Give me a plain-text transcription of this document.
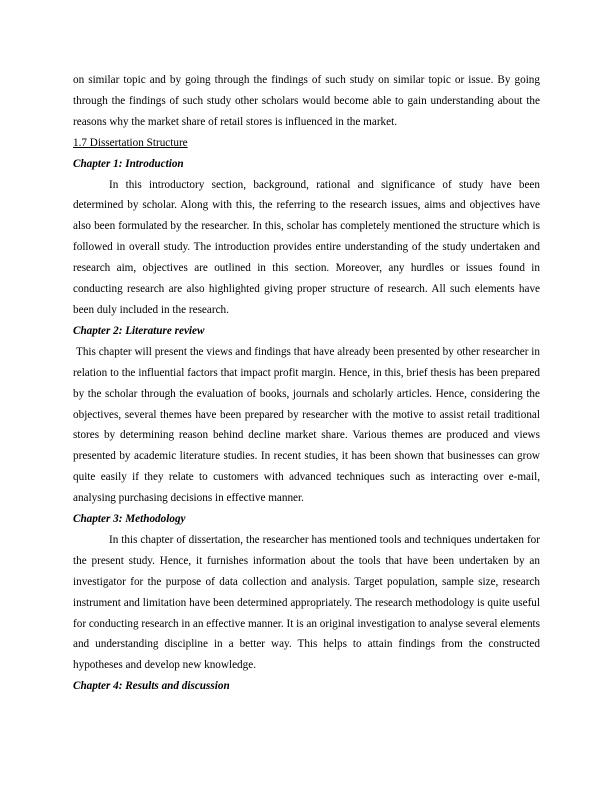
on similar topic and by going through the findings of such study on similar topic or issue. By going through the findings of such study other scholars would become able to gain understanding about the reasons why the market share of retail stores is influenced in the market.

1.7 Dissertation Structure

Chapter 1: Introduction

In this introductory section, background, rational and significance of study have been determined by scholar. Along with this, the referring to the research issues, aims and objectives have also been formulated by the researcher. In this, scholar has completely mentioned the structure which is followed in overall study. The introduction provides entire understanding of the study undertaken and research aim, objectives are outlined in this section. Moreover, any hurdles or issues found in conducting research are also highlighted giving proper structure of research. All such elements have been duly included in the research.

Chapter 2: Literature review

This chapter will present the views and findings that have already been presented by other researcher in relation to the influential factors that impact profit margin. Hence, in this, brief thesis has been prepared by the scholar through the evaluation of books, journals and scholarly articles. Hence, considering the objectives, several themes have been prepared by researcher with the motive to assist retail traditional stores by determining reason behind decline market share. Various themes are produced and views presented by academic literature studies. In recent studies, it has been shown that businesses can grow quite easily if they relate to customers with advanced techniques such as interacting over e-mail, analysing purchasing decisions in effective manner.

Chapter 3: Methodology

In this chapter of dissertation, the researcher has mentioned tools and techniques undertaken for the present study. Hence, it furnishes information about the tools that have been undertaken by an investigator for the purpose of data collection and analysis. Target population, sample size, research instrument and limitation have been determined appropriately. The research methodology is quite useful for conducting research in an effective manner. It is an original investigation to analyse several elements and understanding discipline in a better way. This helps to attain findings from the constructed hypotheses and develop new knowledge.

Chapter 4: Results and discussion
